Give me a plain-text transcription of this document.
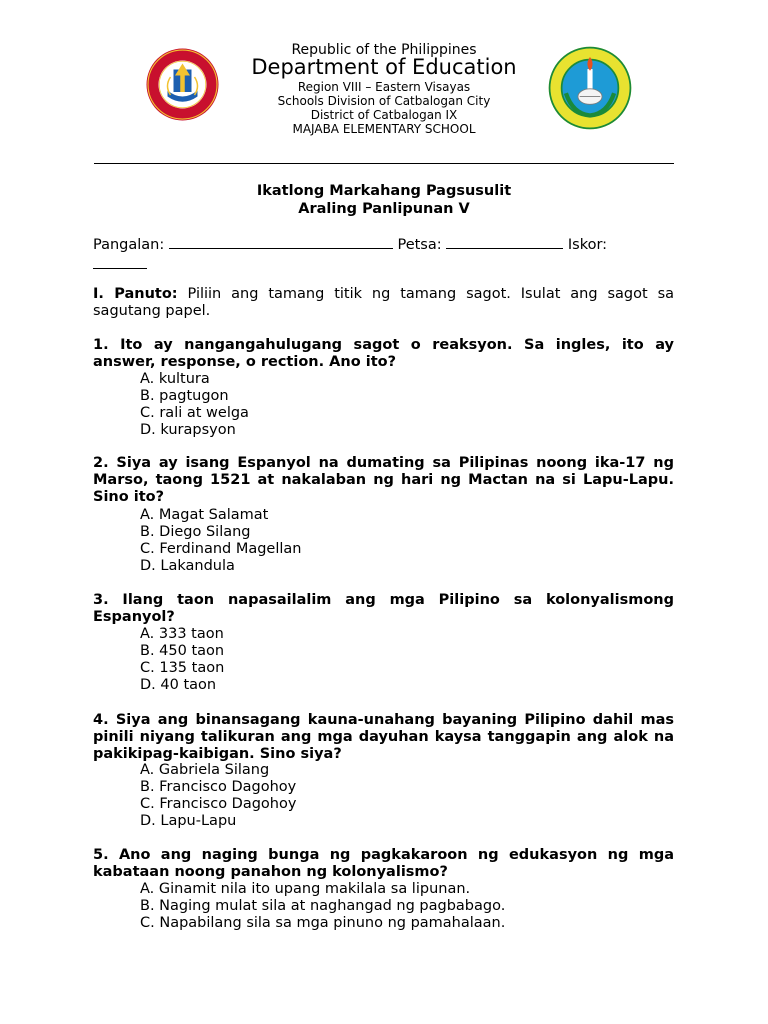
Republic of the Philippines
Department of Education
Region VIII – Eastern Visayas
Schools Division of Catbalogan City
District of Catbalogan IX
MAJABA ELEMENTARY SCHOOL
Ikatlong Markahang Pagsusulit
Araling Panlipunan V
Pangalan:	Petsa:	Iskor:

I. Panuto: Piliin ang tamang titik ng tamang sagot. Isulat ang sagot sa sagutang papel.
1. Ito ay nangangahulugang sagot o reaksyon. Sa ingles, ito ay answer, response, o rection. Ano ito?
A. kultura
B. pagtugon
C. rali at welga
D. kurapsyon
2. Siya ay isang Espanyol na dumating sa Pilipinas noong ika-17 ng Marso, taong 1521 at nakalaban ng hari ng Mactan na si Lapu-Lapu. Sino ito?
A. Magat Salamat
B. Diego Silang
C. Ferdinand Magellan
D. Lakandula
3. Ilang taon napasailalim ang mga Pilipino sa kolonyalismong Espanyol?
A. 333 taon
B. 450 taon
C. 135 taon
D. 40 taon
4. Siya ang binansagang kauna-unahang bayaning Pilipino dahil mas pinili niyang talikuran ang mga dayuhan kaysa tanggapin ang alok na pakikipag-kaibigan. Sino siya?
A. Gabriela Silang
B. Francisco Dagohoy
C. Francisco Dagohoy
D. Lapu-Lapu
5. Ano ang naging bunga ng pagkakaroon ng edukasyon ng mga kabataan noong panahon ng kolonyalismo?
A. Ginamit nila ito upang makilala sa lipunan.
B. Naging mulat sila at naghangad ng pagbabago.
C. Napabilang sila sa mga pinuno ng pamahalaan.
